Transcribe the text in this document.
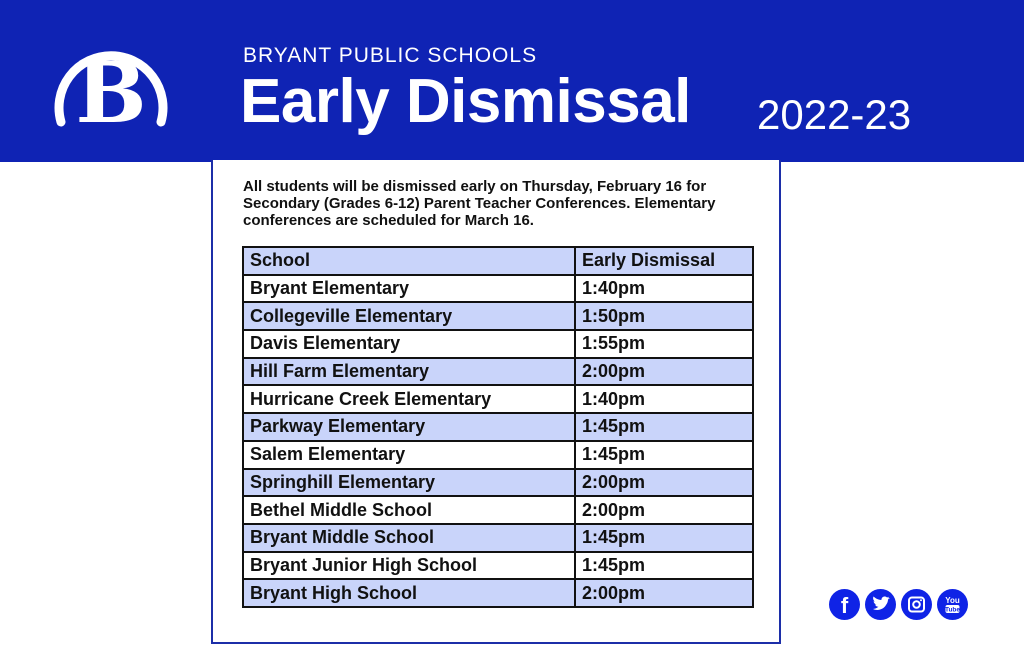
B	BRYANT PUBLIC SCHOOLS
Early Dismissal 2022-23
All students will be dismissed early on Thursday, February 16 for Secondary (Grades 6-12) Parent Teacher Conferences. Elementary conferences are scheduled for March 16.
School	Early Dismissal
Bryant Elementary	1:40pm
Collegeville Elementary	1:50pm
Davis Elementary	1:55pm
Hill Farm Elementary	2:00pm
Hurricane Creek Elementary	1:40pm
Parkway Elementary	1:45pm
Salem Elementary	1:45pm
Springhill Elementary	2:00pm
Bethel Middle School	2:00pm
Bryant Middle School	1:45pm
Bryant Junior High School	1:45pm
Bryant High School	2:00pm
f	You
Tube
